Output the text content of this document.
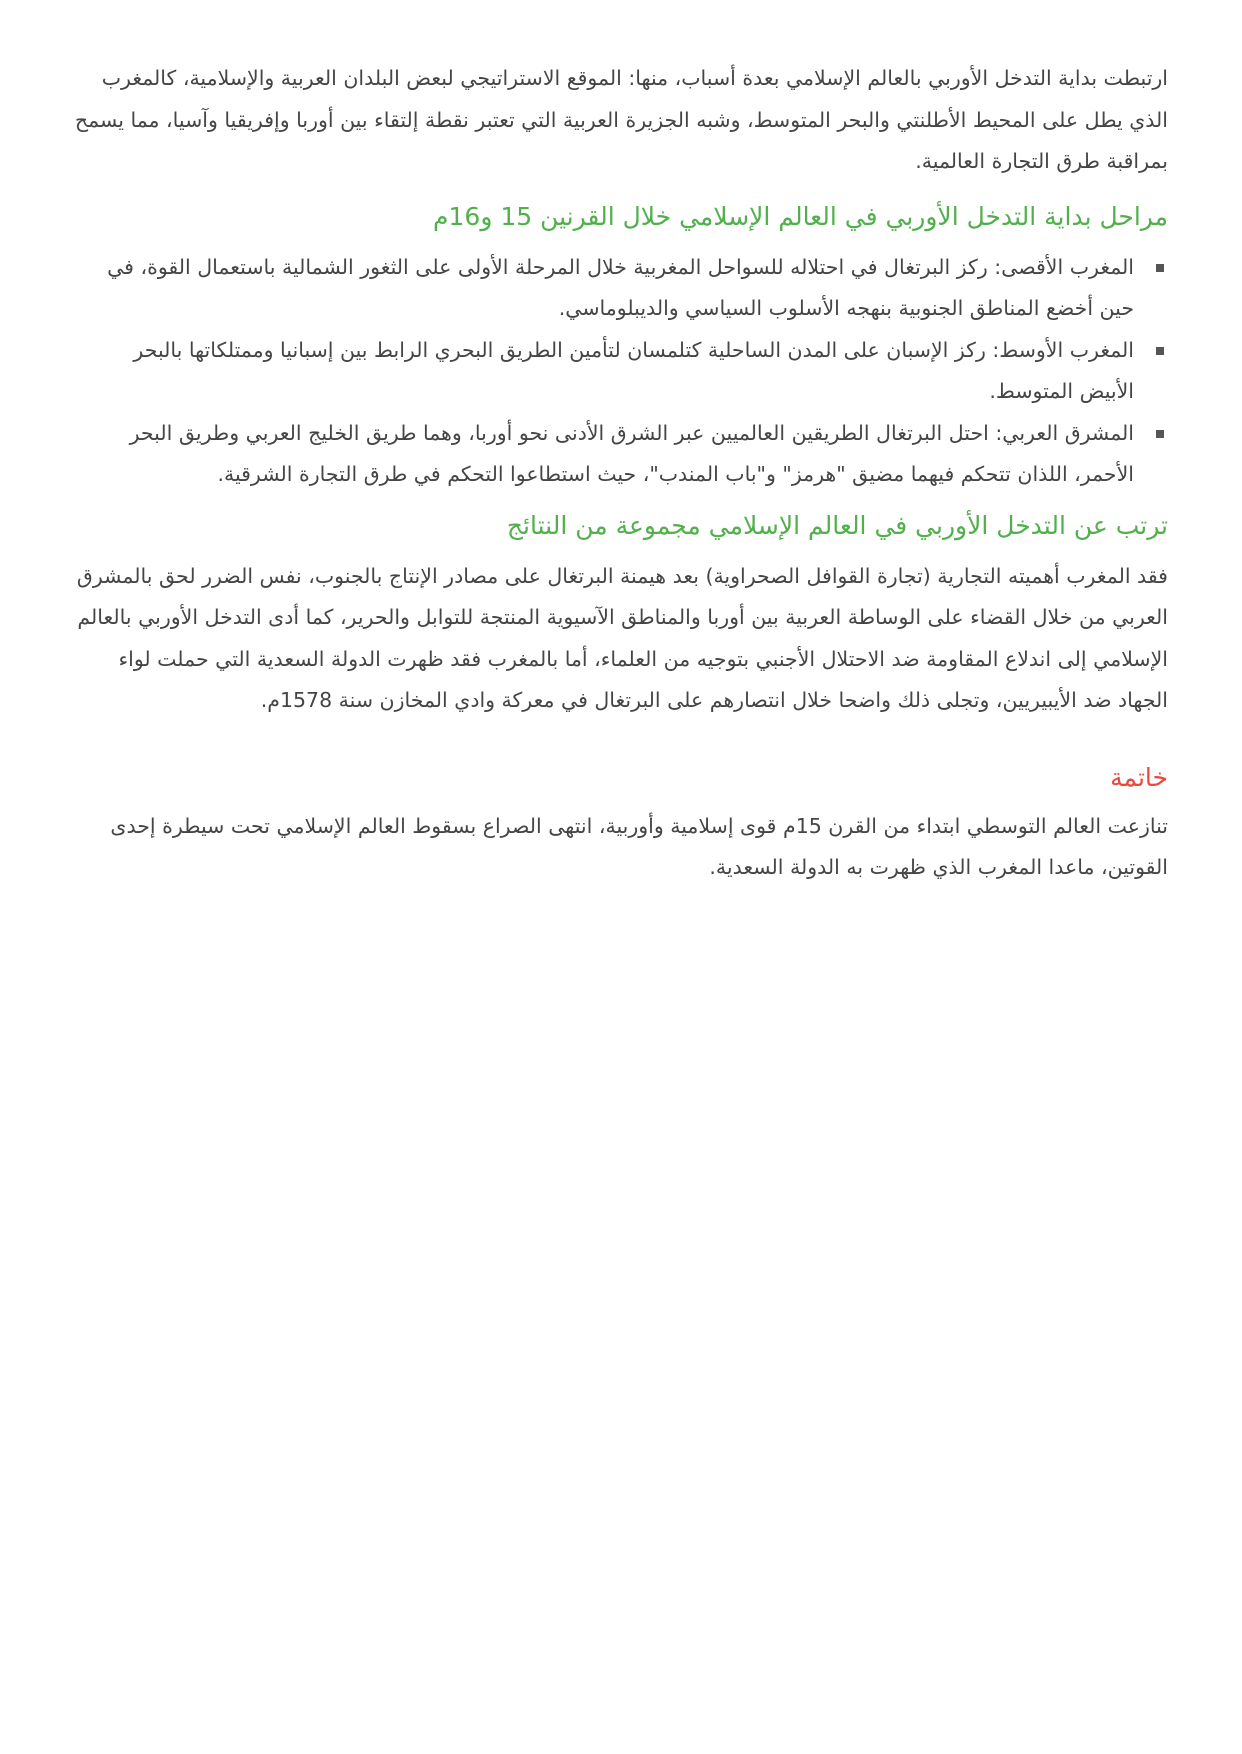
ارتبطت بداية التدخل الأوربي بالعالم الإسلامي بعدة أسباب، منها: الموقع الاستراتيجي لبعض البلدان العربية والإسلامية، كالمغرب الذي يطل على المحيط الأطلنتي والبحر المتوسط، وشبه الجزيرة العربية التي تعتبر نقطة إلتقاء بين أوربا وإفريقيا وآسيا، مما يسمح بمراقبة طرق التجارة العالمية.

مراحل بداية التدخل الأوربي في العالم الإسلامي خلال القرنين 15 و16م
المغرب الأقصى: ركز البرتغال في احتلاله للسواحل المغربية خلال المرحلة الأولى على الثغور الشمالية باستعمال القوة، في حين أخضع المناطق الجنوبية بنهجه الأسلوب السياسي والديبلوماسي.
المغرب الأوسط: ركز الإسبان على المدن الساحلية كتلمسان لتأمين الطريق البحري الرابط بين إسبانيا وممتلكاتها بالبحر الأبيض المتوسط.
المشرق العربي: احتل البرتغال الطريقين العالميين عبر الشرق الأدنى نحو أوربا، وهما طريق الخليج العربي وطريق البحر الأحمر، اللذان تتحكم فيهما مضيق "هرمز" و"باب المندب"، حيث استطاعوا التحكم في طرق التجارة الشرقية.
ترتب عن التدخل الأوربي في العالم الإسلامي مجموعة من النتائج

فقد المغرب أهميته التجارية (تجارة القوافل الصحراوية) بعد هيمنة البرتغال على مصادر الإنتاج بالجنوب، نفس الضرر لحق بالمشرق العربي من خلال القضاء على الوساطة العربية بين أوربا والمناطق الآسيوية المنتجة للتوابل والحرير، كما أدى التدخل الأوربي بالعالم الإسلامي إلى اندلاع المقاومة ضد الاحتلال الأجنبي بتوجيه من العلماء، أما بالمغرب فقد ظهرت الدولة السعدية التي حملت لواء الجهاد ضد الأيبيريين، وتجلى ذلك واضحا خلال انتصارهم على البرتغال في معركة وادي المخازن سنة 1578م.

خاتمة

تنازعت العالم التوسطي ابتداء من القرن 15م قوى إسلامية وأوربية، انتهى الصراع بسقوط العالم الإسلامي تحت سيطرة إحدى القوتين، ماعدا المغرب الذي ظهرت به الدولة السعدية.
